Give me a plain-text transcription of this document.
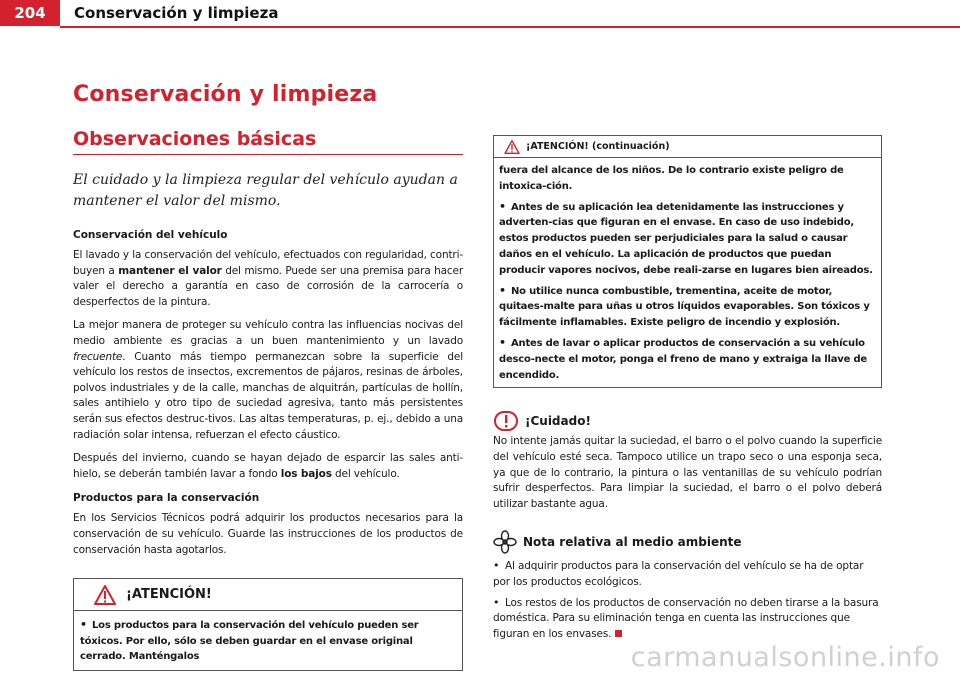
204	Conservación y limpieza
Conservación y limpieza
Observaciones básicas
El cuidado y la limpieza regular del vehículo ayudan a mantener el valor del mismo.
Conservación del vehículo
El lavado y la conservación del vehículo, efectuados con regularidad, contri-buyen a mantener el valor del mismo. Puede ser una premisa para hacer valer el derecho a garantía en caso de corrosión de la carrocería o desperfectos de la pintura.
La mejor manera de proteger su vehículo contra las influencias nocivas del medio ambiente es gracias a un buen mantenimiento y un lavado frecuente. Cuanto más tiempo permanezcan sobre la superficie del vehículo los restos de insectos, excrementos de pájaros, resinas de árboles, polvos industriales y de la calle, manchas de alquitrán, partículas de hollín, sales antihielo y otro tipo de suciedad agresiva, tanto más persistentes serán sus efectos destruc-tivos. Las altas temperaturas, p. ej., debido a una radiación solar intensa, refuerzan el efecto cáustico.
Después del invierno, cuando se hayan dejado de esparcir las sales anti-hielo, se deberán también lavar a fondo los bajos del vehículo.
Productos para la conservación
En los Servicios Técnicos podrá adquirir los productos necesarios para la conservación de su vehículo. Guarde las instrucciones de los productos de conservación hasta agotarlos.
¡ATENCIÓN!
• Los productos para la conservación del vehículo pueden ser tóxicos. Por ello, sólo se deben guardar en el envase original cerrado. Manténgalos
¡ATENCIÓN! (continuación)

fuera del alcance de los niños. De lo contrario existe peligro de intoxica-ción.

• Antes de su aplicación lea detenidamente las instrucciones y adverten-cias que figuran en el envase. En caso de uso indebido, estos productos pueden ser perjudiciales para la salud o causar daños en el vehículo. La aplicación de productos que puedan producir vapores nocivos, debe reali-zarse en lugares bien aireados.

• No utilice nunca combustible, trementina, aceite de motor, quitaes-malte para uñas u otros líquidos evaporables. Son tóxicos y fácilmente inflamables. Existe peligro de incendio y explosión.

• Antes de lavar o aplicar productos de conservación a su vehículo desco-necte el motor, ponga el freno de mano y extraiga la llave de encendido.

¡Cuidado!
No intente jamás quitar la suciedad, el barro o el polvo cuando la superficie del vehículo esté seca. Tampoco utilice un trapo seco o una esponja seca, ya que de lo contrario, la pintura o las ventanillas de su vehículo podrían sufrir desperfectos. Para limpiar la suciedad, el barro o el polvo deberá utilizar bastante agua.
Nota relativa al medio ambiente

• Al adquirir productos para la conservación del vehículo se ha de optar por los productos ecológicos.

• Los restos de los productos de conservación no deben tirarse a la basura doméstica. Para su eliminación tenga en cuenta las instrucciones que figuran en los envases.

carmanualsonline.info
